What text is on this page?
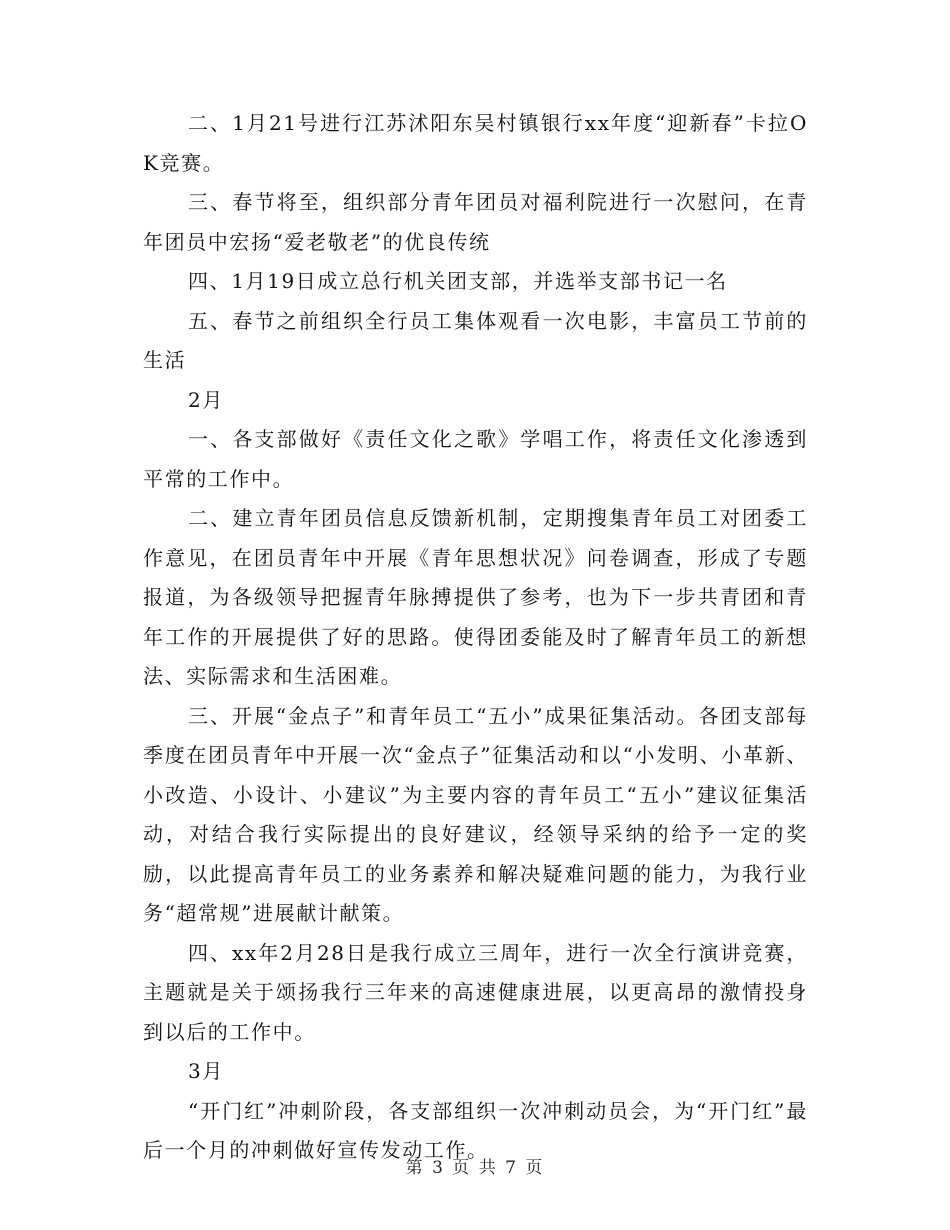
二、1月21号进行江苏沭阳东吴村镇银行xx年度“迎新春”卡拉OK竞赛。

三、春节将至，组织部分青年团员对福利院进行一次慰问，在青年团员中宏扬“爱老敬老”的优良传统

四、1月19日成立总行机关团支部，并选举支部书记一名

五、春节之前组织全行员工集体观看一次电影，丰富员工节前的生活

2月

一、各支部做好《责任文化之歌》学唱工作，将责任文化渗透到平常的工作中。

二、建立青年团员信息反馈新机制，定期搜集青年员工对团委工作意见，在团员青年中开展《青年思想状况》问卷调查，形成了专题报道，为各级领导把握青年脉搏提供了参考，也为下一步共青团和青年工作的开展提供了好的思路。使得团委能及时了解青年员工的新想法、实际需求和生活困难。

三、开展“金点子”和青年员工“五小”成果征集活动。各团支部每季度在团员青年中开展一次“金点子”征集活动和以“小发明、小革新、小改造、小设计、小建议”为主要内容的青年员工“五小”建议征集活动，对结合我行实际提出的良好建议，经领导采纳的给予一定的奖励，以此提高青年员工的业务素养和解决疑难问题的能力，为我行业务“超常规”进展献计献策。

四、xx年2月28日是我行成立三周年，进行一次全行演讲竞赛，主题就是关于颂扬我行三年来的高速健康进展，以更高昂的激情投身到以后的工作中。

3月

“开门红”冲刺阶段，各支部组织一次冲刺动员会，为“开门红”最后一个月的冲刺做好宣传发动工作。

第 3 页 共 7 页
